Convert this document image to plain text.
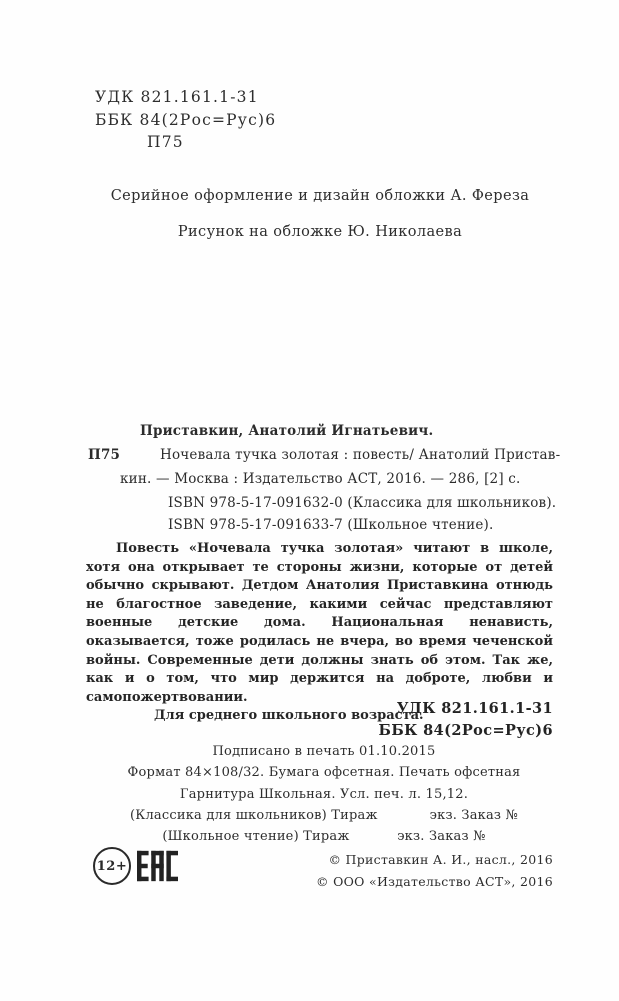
УДК 821.161.1-31
ББК 84(2Рос=Рус)6
П75
Серийное оформление и дизайн обложки А. Фереза
Рисунок на обложке Ю. Николаева
Приставкин, Анатолий Игнатьевич.
П75	Ночевала тучка золотая : повесть/ Анатолий Пристав-
кин. — Москва : Издательство АСТ, 2016. — 286, [2] с.
ISBN 978-5-17-091632-0 (Классика для школьников).
ISBN 978-5-17-091633-7 (Школьное чтение).
Повесть «Ночевала тучка золотая» читают в школе, хотя она открывает те стороны жизни, которые от детей обычно скрывают. Детдом Анатолия Приставкина отнюдь не благостное заведение, какими сейчас представляют военные детские дома. Национальная ненависть, оказывается, тоже родилась не вчера, во время чеченской войны. Современные дети должны знать об этом. Так же, как и о том, что мир держится на доброте, любви и самопожертвовании.
Для среднего школьного возраста.
УДК 821.161.1-31
ББК 84(2Рос=Рус)6
Подписано в печать 01.10.2015
Формат 84×108/32. Бумага офсетная. Печать офсетная
Гарнитура Школьная. Усл. печ. л. 15,12.
(Классика для школьников) Тираж            экз. Заказ №
(Школьное чтение) Тираж           экз. Заказ №
12+	© Приставкин А. И., насл., 2016
© ООО «Издательство АСТ», 2016
